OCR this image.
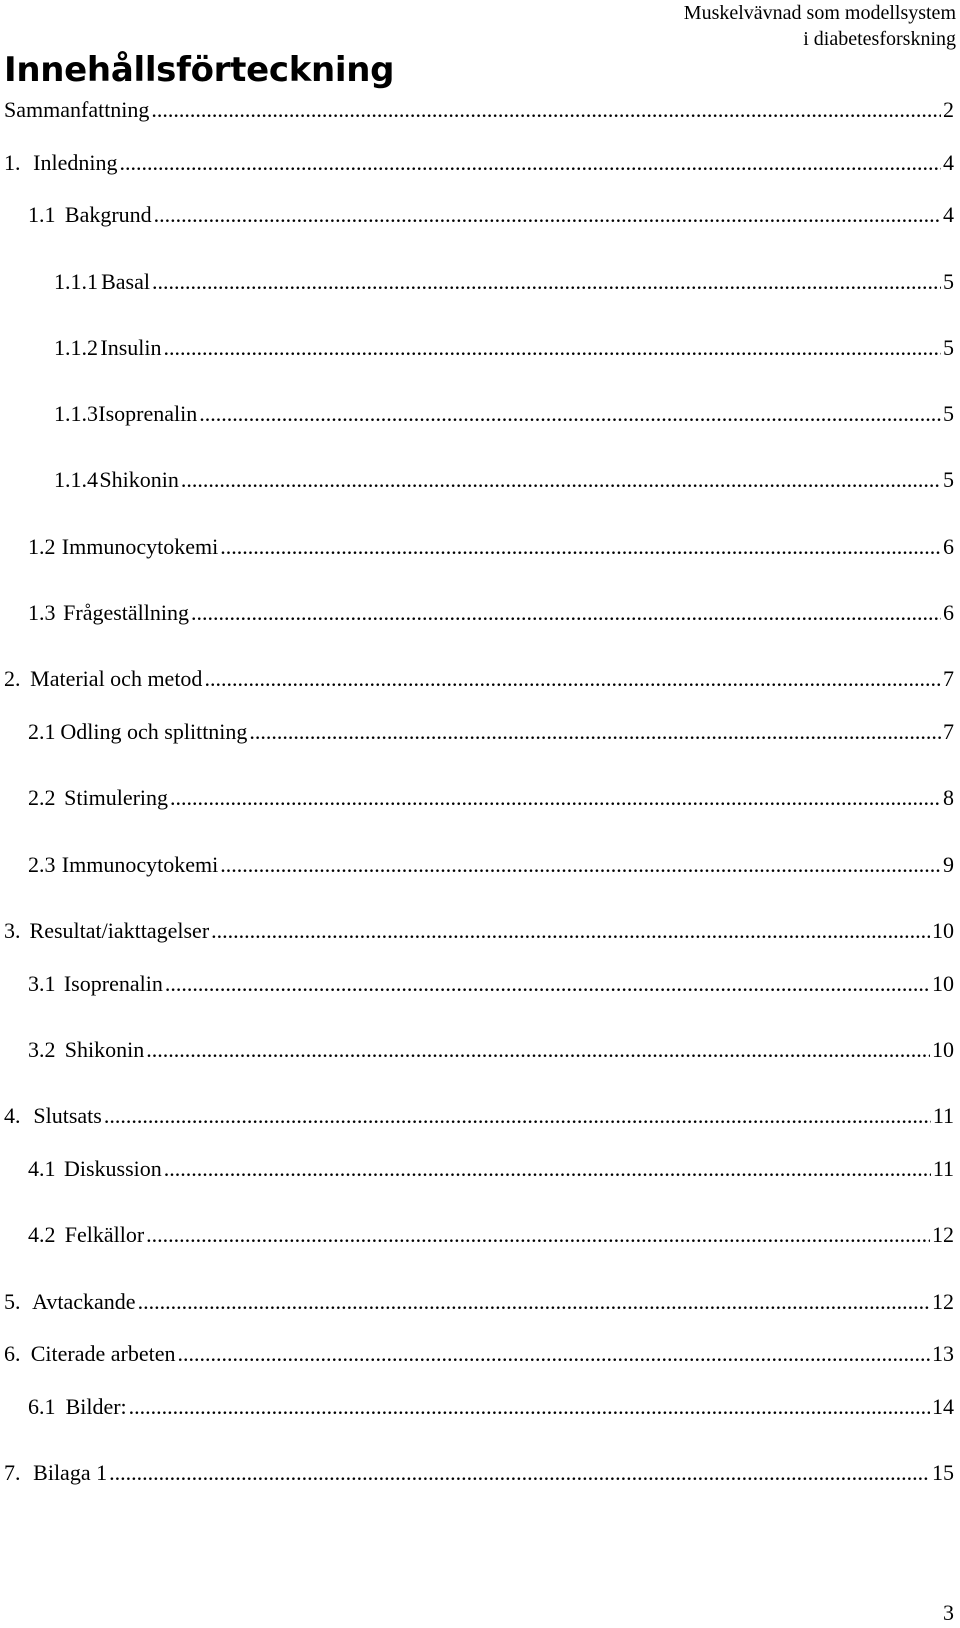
Muskelvävnad som modellsystem
i diabetesforskning
Innehållsförteckning
Sammanfattning .....	2
1. Inledning .....	4
1.1 Bakgrund .....	4
1.1.1 Basal .....	5
1.1.2 Insulin .....	5
1.1.3 Isoprenalin .....	5
1.1.4 Shikonin .....	5
1.2 Immunocytokemi .....	6
1.3 Frågeställning .....	6
2. Material och metod .....	7
2.1 Odling och splittning .....	7
2.2 Stimulering .....	8
2.3 Immunocytokemi .....	9
3. Resultat/iakttagelser .....	10
3.1 Isoprenalin .....	10
3.2 Shikonin .....	10
4. Slutsats .....	11
4.1 Diskussion .....	11
4.2 Felkällor .....	12
5. Avtackande .....	12
6. Citerade arbeten .....	13
6.1 Bilder: .....	14
7. Bilaga 1 .....	15
3
